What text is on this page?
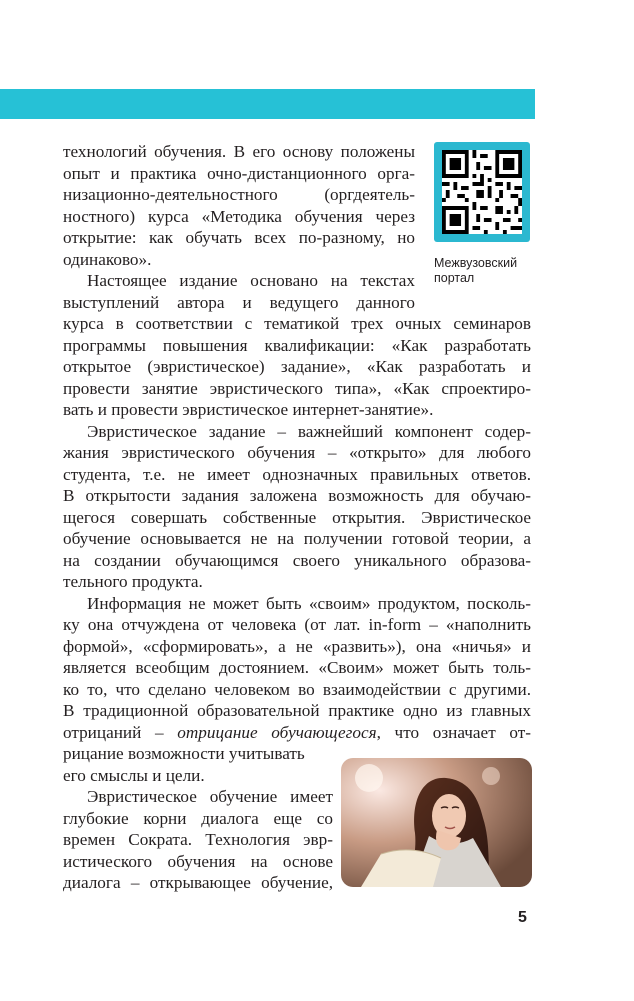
Межвузовский портал
технологий обучения. В его основу положены
опыт и практика очно-дистанционного орга-
низационно-деятельностного (оргдеятель-
ностного) курса «Методика обучения через
открытие: как обучать всех по-разному, но
одинаково».
Настоящее издание основано на текстах
выступлений автора и ведущего данного
курса в соответствии с тематикой трех очных семинаров
программы повышения квалификации: «Как разработать
открытое (эвристическое) задание», «Как разработать и
провести занятие эвристического типа», «Как спроектиро-
вать и провести эвристическое интернет-занятие».
Эвристическое задание – важнейший компонент содер-
жания эвристического обучения – «открыто» для любого
студента, т.е. не имеет однозначных правильных ответов.
В открытости задания заложена возможность для обучаю-
щегося совершать собственные открытия. Эвристическое
обучение основывается не на получении готовой теории, а
на создании обучающимся своего уникального образова-
тельного продукта.
Информация не может быть «своим» продуктом, посколь-
ку она отчуждена от человека (от лат. in-form – «наполнить
формой», «сформировать», а не «развить»), она «ничья» и
является всеобщим достоянием. «Своим» может быть толь-
ко то, что сделано человеком во взаимодействии с другими.
В традиционной образовательной практике одно из главных
отрицаний – отрицание обучающегося, что означает от-
рицание возможности учитывать
его смыслы и цели.
Эвристическое обучение имеет
глубокие корни диалога еще со
времен Сократа. Технология эвр-
истического обучения на основе
диалога – открывающее обучение,
5
